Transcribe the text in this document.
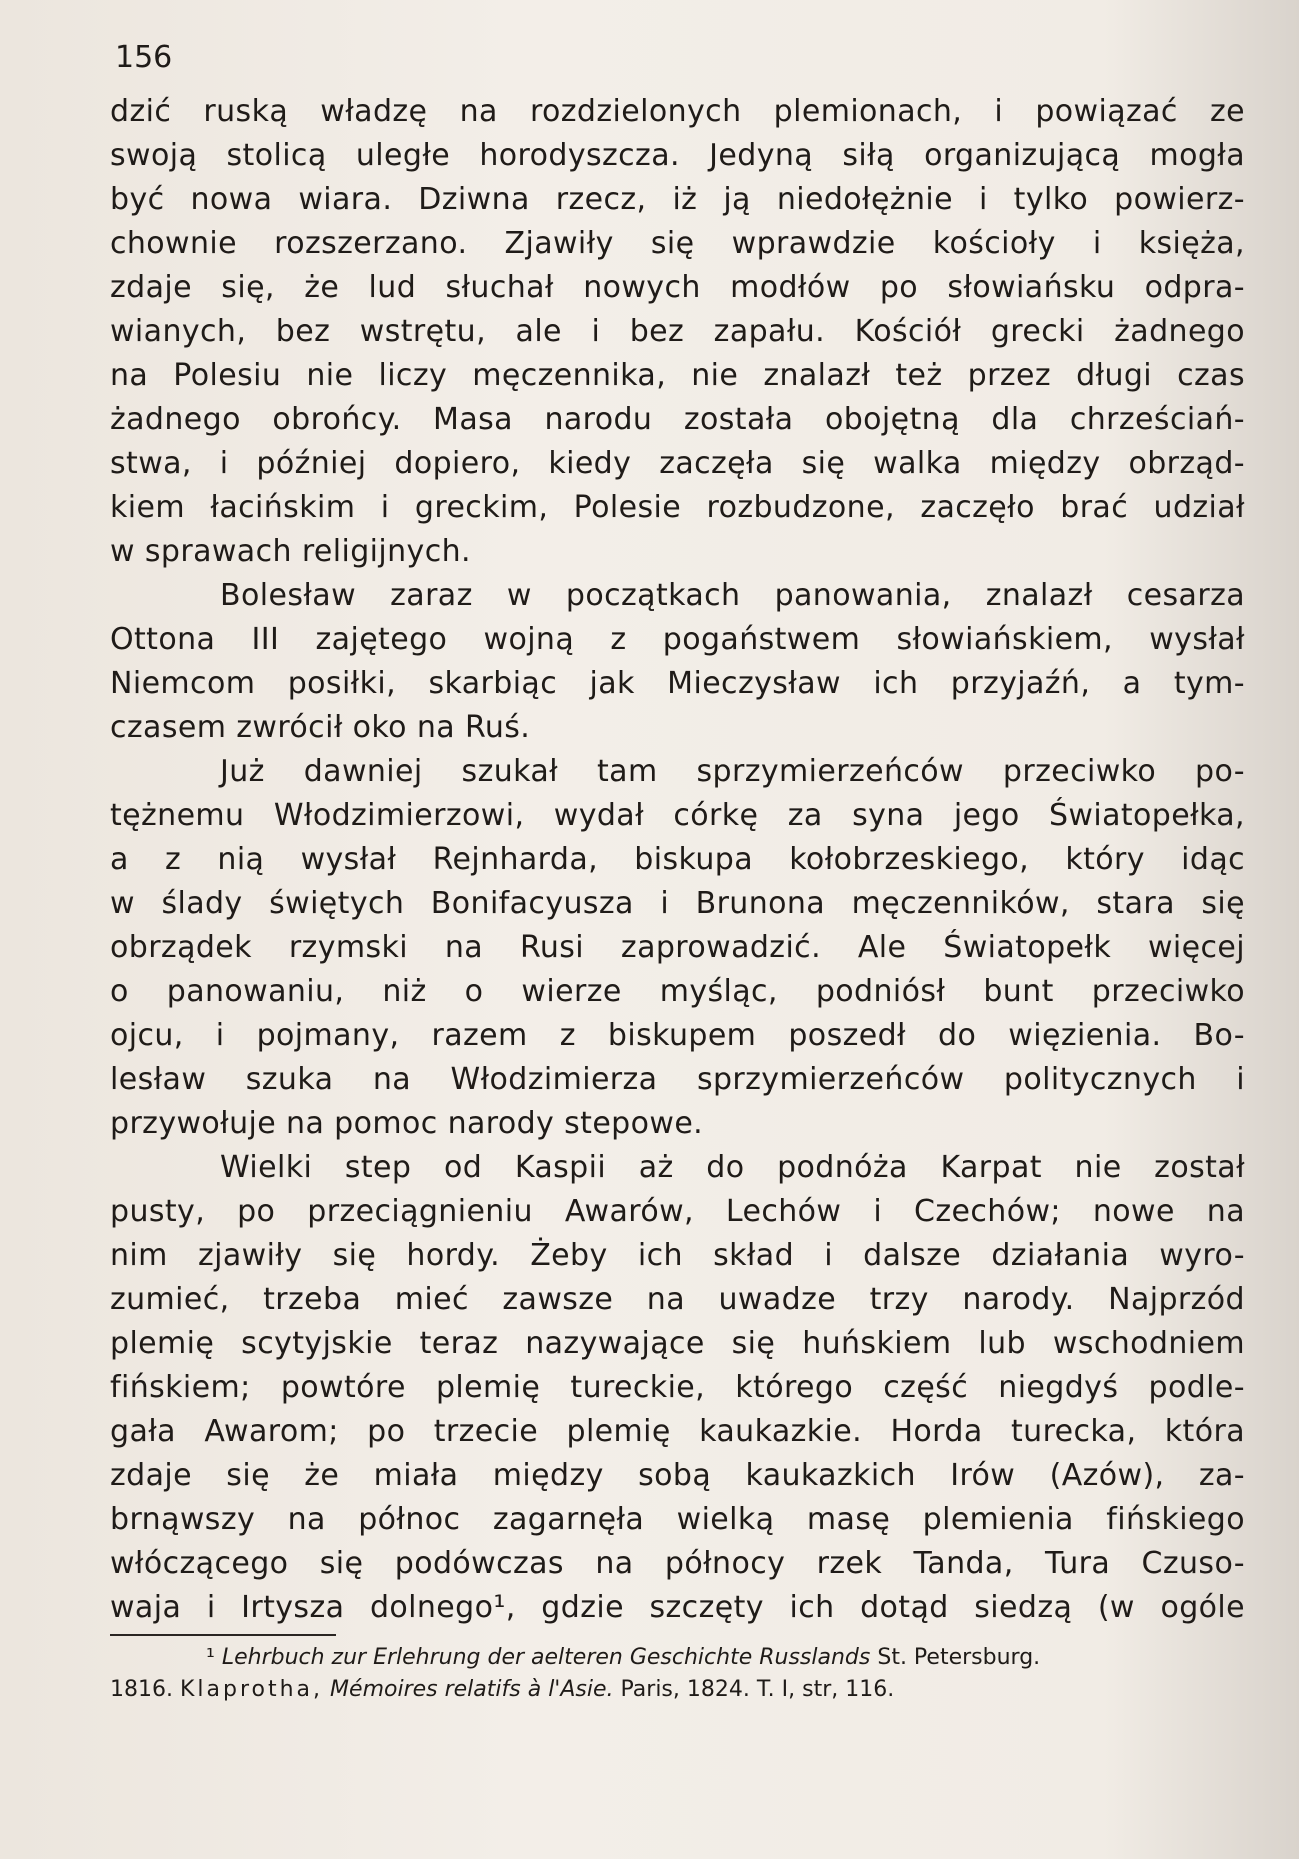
156
dzić ruską władzę na rozdzielonych plemionach, i powiązać ze
swoją stolicą uległe horodyszcza. Jedyną siłą organizującą mogła
być nowa wiara. Dziwna rzecz, iż ją niedołężnie i tylko powierz-
chownie rozszerzano. Zjawiły się wprawdzie kościoły i księża,
zdaje się, że lud słuchał nowych modłów po słowiańsku odpra-
wianych, bez wstrętu, ale i bez zapału. Kościół grecki żadnego
na Polesiu nie liczy męczennika, nie znalazł też przez długi czas
żadnego obrońcy. Masa narodu została obojętną dla chrześciań-
stwa, i później dopiero, kiedy zaczęła się walka między obrząd-
kiem łacińskim i greckim, Polesie rozbudzone, zaczęło brać udział
w sprawach religijnych.
Bolesław zaraz w początkach panowania, znalazł cesarza
Ottona III zajętego wojną z pogaństwem słowiańskiem, wysłał
Niemcom posiłki, skarbiąc jak Mieczysław ich przyjaźń, a tym-
czasem zwrócił oko na Ruś.
Już dawniej szukał tam sprzymierzeńców przeciwko po-
tężnemu Włodzimierzowi, wydał córkę za syna jego Światopełka,
a z nią wysłał Rejnharda, biskupa kołobrzeskiego, który idąc
w ślady świętych Bonifacyusza i Brunona męczenników, stara się
obrządek rzymski na Rusi zaprowadzić. Ale Światopełk więcej
o panowaniu, niż o wierze myśląc, podniósł bunt przeciwko
ojcu, i pojmany, razem z biskupem poszedł do więzienia. Bo-
lesław szuka na Włodzimierza sprzymierzeńców politycznych i
przywołuje na pomoc narody stepowe.
Wielki step od Kaspii aż do podnóża Karpat nie został
pusty, po przeciągnieniu Awarów, Lechów i Czechów; nowe na
nim zjawiły się hordy. Żeby ich skład i dalsze działania wyro-
zumieć, trzeba mieć zawsze na uwadze trzy narody. Najprzód
plemię scytyjskie teraz nazywające się huńskiem lub wschodniem
fińskiem; powtóre plemię tureckie, którego część niegdyś podle-
gała Awarom; po trzecie plemię kaukazkie. Horda turecka, która
zdaje się że miała między sobą kaukazkich Irów (Azów), za-
brnąwszy na północ zagarnęła wielką masę plemienia fińskiego
włóczącego się podówczas na północy rzek Tanda, Tura Czuso-
waja i Irtysza dolnego¹, gdzie szczęty ich dotąd siedzą (w ogóle
¹ Lehrbuch zur Erlehrung der aelteren Geschichte Russlands St. Petersburg.
1816. Klaprotha, Mémoires relatifs à l'Asie. Paris, 1824. T. I, str, 116.
